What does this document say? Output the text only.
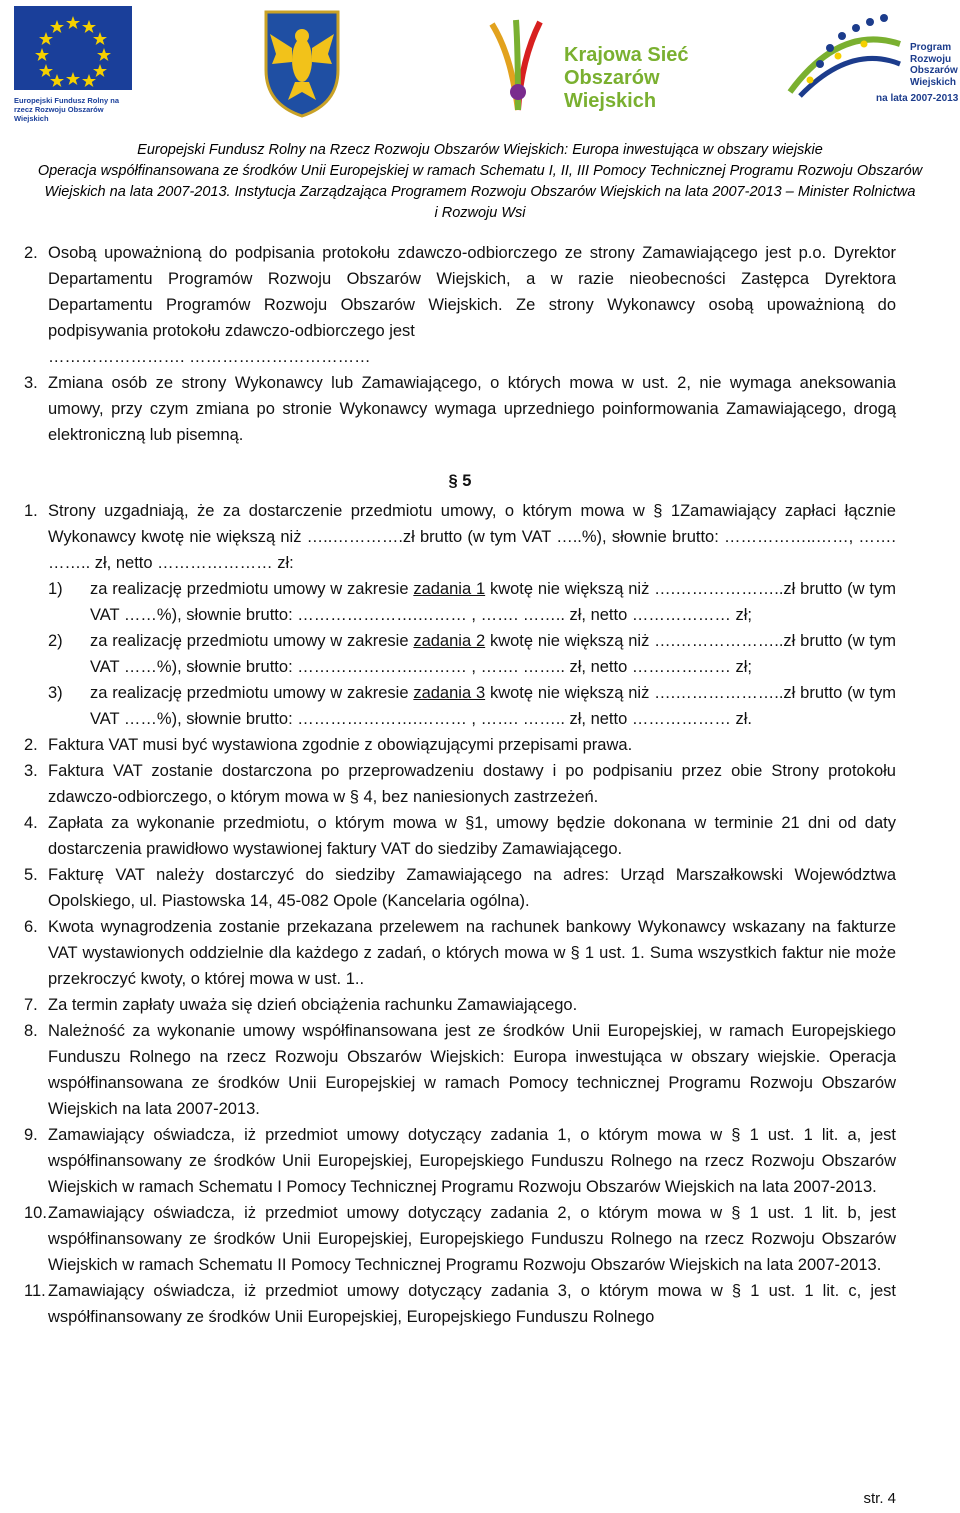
Europejski Fundusz Rolny na rzecz Rozwoju Obszarów Wiejskich
Krajowa Sieć
Obszarów Wiejskich
Program
Rozwoju
Obszarów
Wiejskich
na lata 2007-2013
Europejski Fundusz Rolny na Rzecz Rozwoju Obszarów Wiejskich: Europa inwestująca w obszary wiejskie
Operacja współfinansowana ze środków Unii Europejskiej w ramach Schematu I, II, III Pomocy Technicznej Programu Rozwoju Obszarów
Wiejskich na lata 2007-2013. Instytucja Zarządzająca Programem Rozwoju Obszarów Wiejskich na lata 2007-2013 – Minister Rolnictwa
i Rozwoju Wsi

2. Osobą upoważnioną do podpisania protokołu zdawczo-odbiorczego ze strony Zamawiającego jest p.o. Dyrektor Departamentu Programów Rozwoju Obszarów Wiejskich, a w razie nieobecności Zastępca Dyrektora Departamentu Programów Rozwoju Obszarów Wiejskich. Ze strony Wykonawcy osobą upoważnioną do podpisywania protokołu zdawczo-odbiorczego jest
……………………. ……………………………

3. Zmiana osób ze strony Wykonawcy lub Zamawiającego, o których mowa w ust. 2, nie wymaga aneksowania umowy, przy czym zmiana po stronie Wykonawcy wymaga uprzedniego poinformowania Zamawiającego, drogą elektroniczną lub pisemną.

§ 5

1. Strony uzgadniają, że za dostarczenie przedmiotu umowy, o którym mowa w § 1Zamawiający zapłaci łącznie Wykonawcy kwotę nie większą niż …..………….zł brutto (w tym VAT …..%), słownie brutto: ……………..……, ……. …….. zł, netto ………………… zł:

1) za realizację przedmiotu umowy w zakresie zadania 1 kwotę nie większą niż ….………………..zł brutto (w tym VAT ……%), słownie brutto: ………………….……… , ……. …….. zł, netto ……………… zł;

2) za realizację przedmiotu umowy w zakresie zadania 2 kwotę nie większą niż ….………………..zł brutto (w tym VAT ……%), słownie brutto: ………………….……… , ……. …….. zł, netto ……………… zł;

3) za realizację przedmiotu umowy w zakresie zadania 3 kwotę nie większą niż ….………………..zł brutto (w tym VAT ……%), słownie brutto: ………………….……… , ……. …….. zł, netto ……………… zł.

2. Faktura VAT musi być wystawiona zgodnie z obowiązującymi przepisami prawa.

3. Faktura VAT zostanie dostarczona po przeprowadzeniu dostawy i po podpisaniu przez obie Strony protokołu zdawczo-odbiorczego, o którym mowa w § 4, bez naniesionych zastrzeżeń.

4. Zapłata za wykonanie przedmiotu, o którym mowa w §1, umowy będzie dokonana w terminie 21 dni od daty dostarczenia prawidłowo wystawionej faktury VAT do siedziby Zamawiającego.

5. Fakturę VAT należy dostarczyć do siedziby Zamawiającego na adres: Urząd Marszałkowski Województwa Opolskiego, ul. Piastowska 14, 45-082 Opole (Kancelaria ogólna).

6. Kwota wynagrodzenia zostanie przekazana przelewem na rachunek bankowy Wykonawcy wskazany na fakturze VAT wystawionych oddzielnie dla każdego z zadań, o których mowa w § 1 ust. 1. Suma wszystkich faktur nie może przekroczyć kwoty, o której mowa w ust. 1..

7. Za termin zapłaty uważa się dzień obciążenia rachunku Zamawiającego.

8. Należność za wykonanie umowy współfinansowana jest ze środków Unii Europejskiej, w ramach Europejskiego Funduszu Rolnego na rzecz Rozwoju Obszarów Wiejskich: Europa inwestująca w obszary wiejskie. Operacja współfinansowana ze środków Unii Europejskiej w ramach Pomocy technicznej Programu Rozwoju Obszarów Wiejskich na lata 2007-2013.

9. Zamawiający oświadcza, iż przedmiot umowy dotyczący zadania 1, o którym mowa w § 1 ust. 1 lit. a, jest współfinansowany ze środków Unii Europejskiej, Europejskiego Funduszu Rolnego na rzecz Rozwoju Obszarów Wiejskich w ramach Schematu I Pomocy Technicznej Programu Rozwoju Obszarów Wiejskich na lata 2007-2013.

10. Zamawiający oświadcza, iż przedmiot umowy dotyczący zadania 2, o którym mowa w § 1 ust. 1 lit. b, jest współfinansowany ze środków Unii Europejskiej, Europejskiego Funduszu Rolnego na rzecz Rozwoju Obszarów Wiejskich w ramach Schematu II Pomocy Technicznej Programu Rozwoju Obszarów Wiejskich na lata 2007-2013.

11. Zamawiający oświadcza, iż przedmiot umowy dotyczący zadania 3, o którym mowa w § 1 ust. 1 lit. c, jest współfinansowany ze środków Unii Europejskiej, Europejskiego Funduszu Rolnego

str. 4
